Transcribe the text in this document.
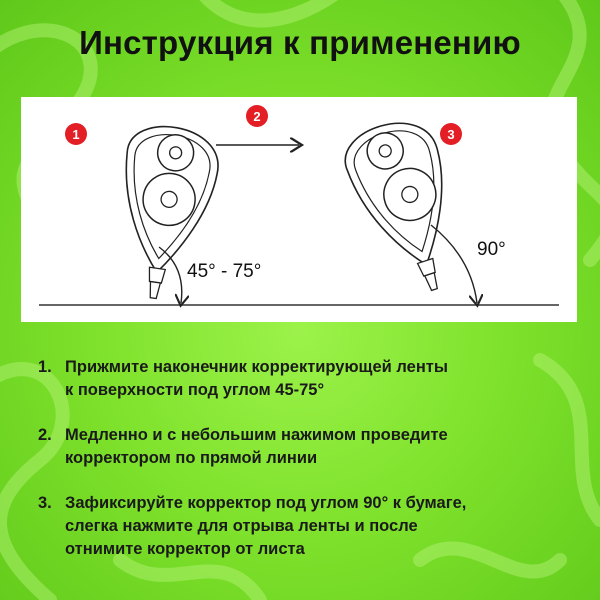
Инструкция к применению
1
2
3
45° - 75°
90°
1. Прижмите наконечник корректирующей ленты
к поверхности под углом 45-75°
2. Медленно и с небольшим нажимом проведите
корректором по прямой линии
3. Зафиксируйте корректор под углом 90° к бумаге,
слегка нажмите для отрыва ленты и после
отнимите корректор от листа
